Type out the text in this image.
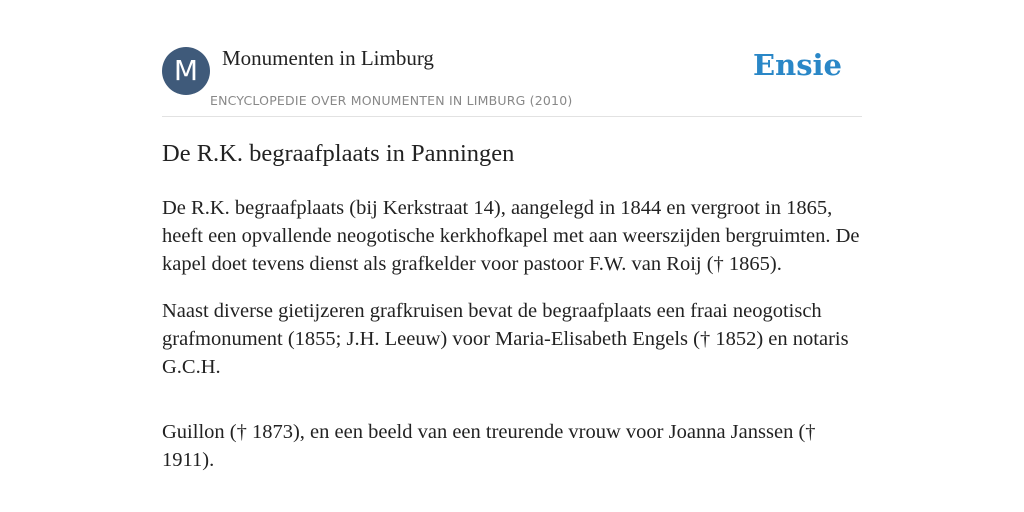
M	Monumenten in Limburg
ENCYCLOPEDIE OVER MONUMENTEN IN LIMBURG (2010)
Ensie
De R.K. begraafplaats in Panningen

De R.K. begraafplaats (bij Kerkstraat 14), aangelegd in 1844 en vergroot in 1865, heeft een opvallende neogotische kerkhofkapel met aan weerszijden bergruimten. De kapel doet tevens dienst als grafkelder voor pastoor F.W. van Roij († 1865).

Naast diverse gietijzeren grafkruisen bevat de begraafplaats een fraai neogotisch grafmonument (1855; J.H. Leeuw) voor Maria-Elisabeth Engels († 1852) en notaris G.C.H.

Guillon († 1873), en een beeld van een treurende vrouw voor Joanna Janssen († 1911).
